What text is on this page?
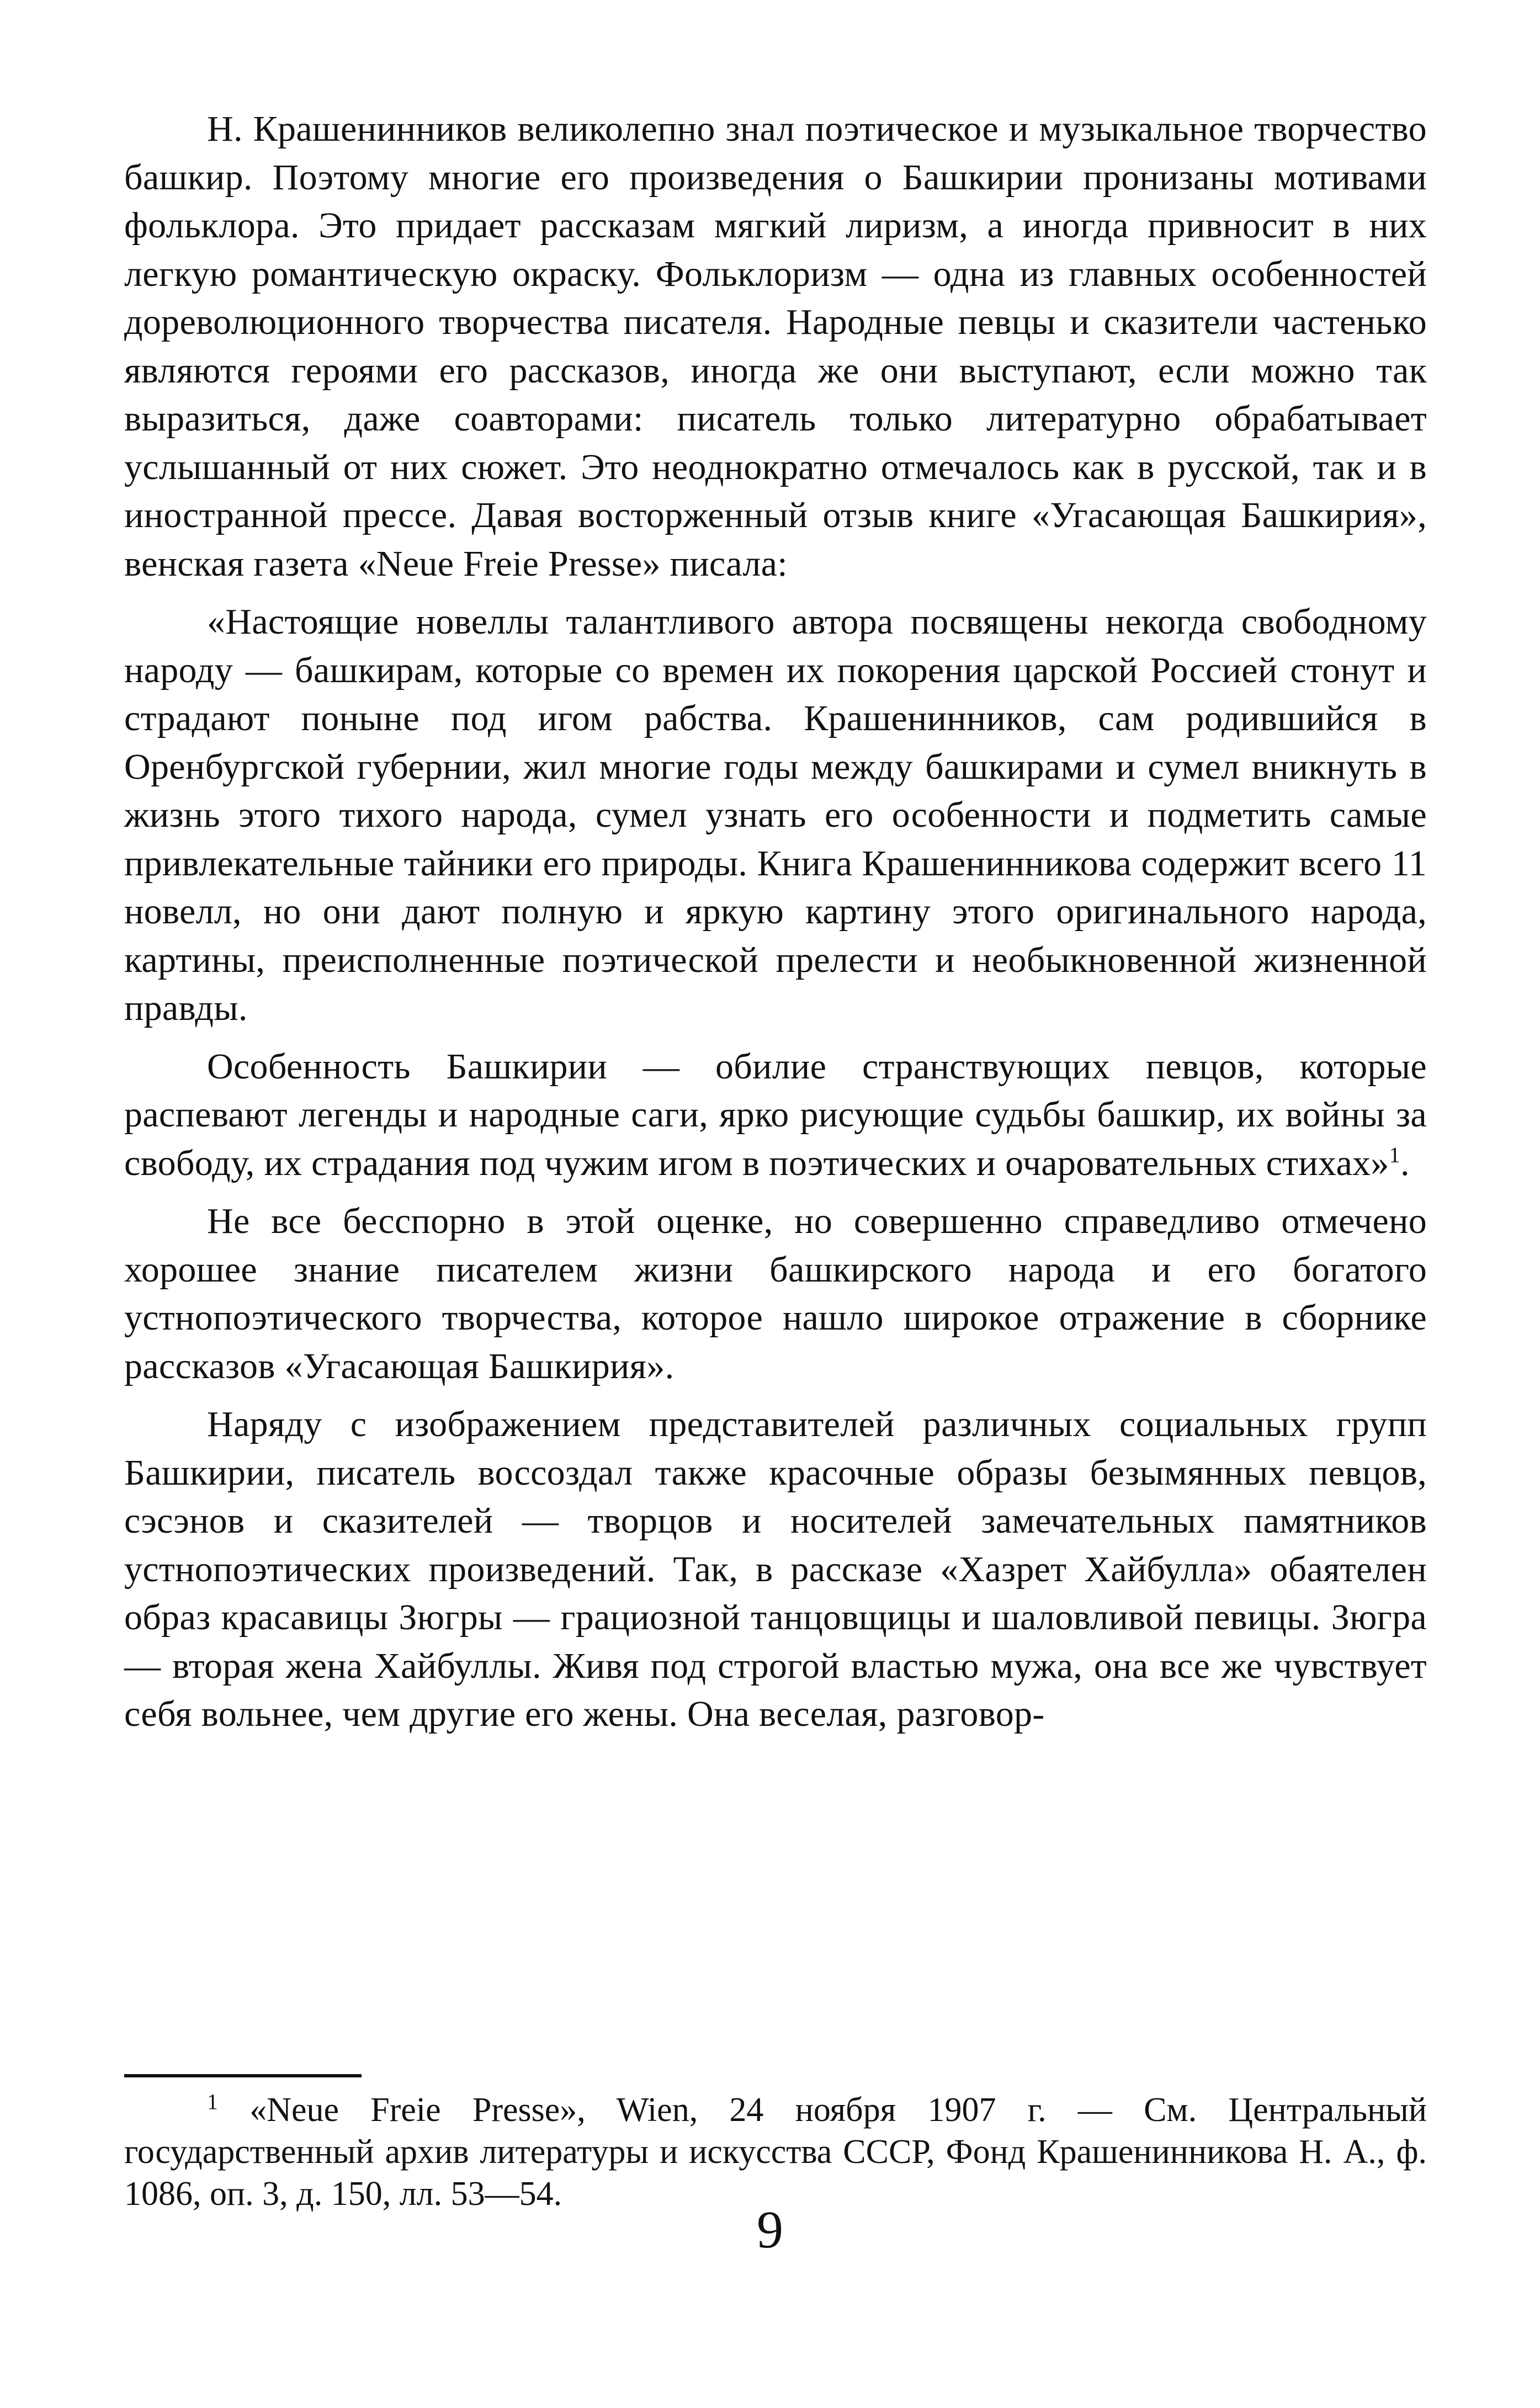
Н. Крашенинников великолепно знал поэтическое и музыкальное творчество башкир. Поэтому многие его произведения о Башкирии пронизаны мотивами фольклора. Это придает рассказам мягкий лиризм, а иногда привносит в них легкую романтическую окраску. Фольклоризм — одна из главных особенностей дореволюционного творчества писателя. Народные певцы и сказители частенько являются героями его рассказов, иногда же они выступают, если можно так выразиться, даже соавторами: писатель только литературно обрабатывает услышанный от них сюжет. Это неоднократно отмечалось как в русской, так и в иностранной прессе. Давая восторженный отзыв книге «Угасающая Башкирия», венская газета «Neue Freie Presse» писала:

«Настоящие новеллы талантливого автора посвящены некогда свободному народу — башкирам, которые со времен их покорения царской Россией стонут и страдают поныне под игом рабства. Крашенинников, сам родившийся в Оренбургской губернии, жил многие годы между башкирами и сумел вникнуть в жизнь этого тихого народа, сумел узнать его особенности и подметить самые привлекательные тайники его природы. Книга Крашенинникова содержит всего 11 новелл, но они дают полную и яркую картину этого оригинального народа, картины, преисполненные поэтической прелести и необыкновенной жизненной правды.

Особенность Башкирии — обилие странствующих певцов, которые распевают легенды и народные саги, ярко рисующие судьбы башкир, их войны за свободу, их страдания под чужим игом в поэтических и очаровательных стихах»$^1$.

Не все бесспорно в этой оценке, но совершенно справедливо отмечено хорошее знание писателем жизни башкирского народа и его богатого устнопоэтического творчества, которое нашло широкое отражение в сборнике рассказов «Угасающая Башкирия».

Наряду с изображением представителей различных социальных групп Башкирии, писатель воссоздал также красочные образы безымянных певцов, сэсэнов и сказителей — творцов и носителей замечательных памятников устнопоэтических произведений. Так, в рассказе «Хазрет Хайбулла» обаятелен образ красавицы Зюгры — грациозной танцовщицы и шаловливой певицы. Зюгра — вторая жена Хайбуллы. Живя под строгой властью мужа, она все же чувствует себя вольнее, чем другие его жены. Она веселая, разговор-

$^1$ «Neue Freie Presse», Wien, 24 ноября 1907 г. — См. Центральный государственный архив литературы и искусства СССР, Фонд Крашенинникова Н. А., ф. 1086, оп. 3, д. 150, лл. 53—54.

9
